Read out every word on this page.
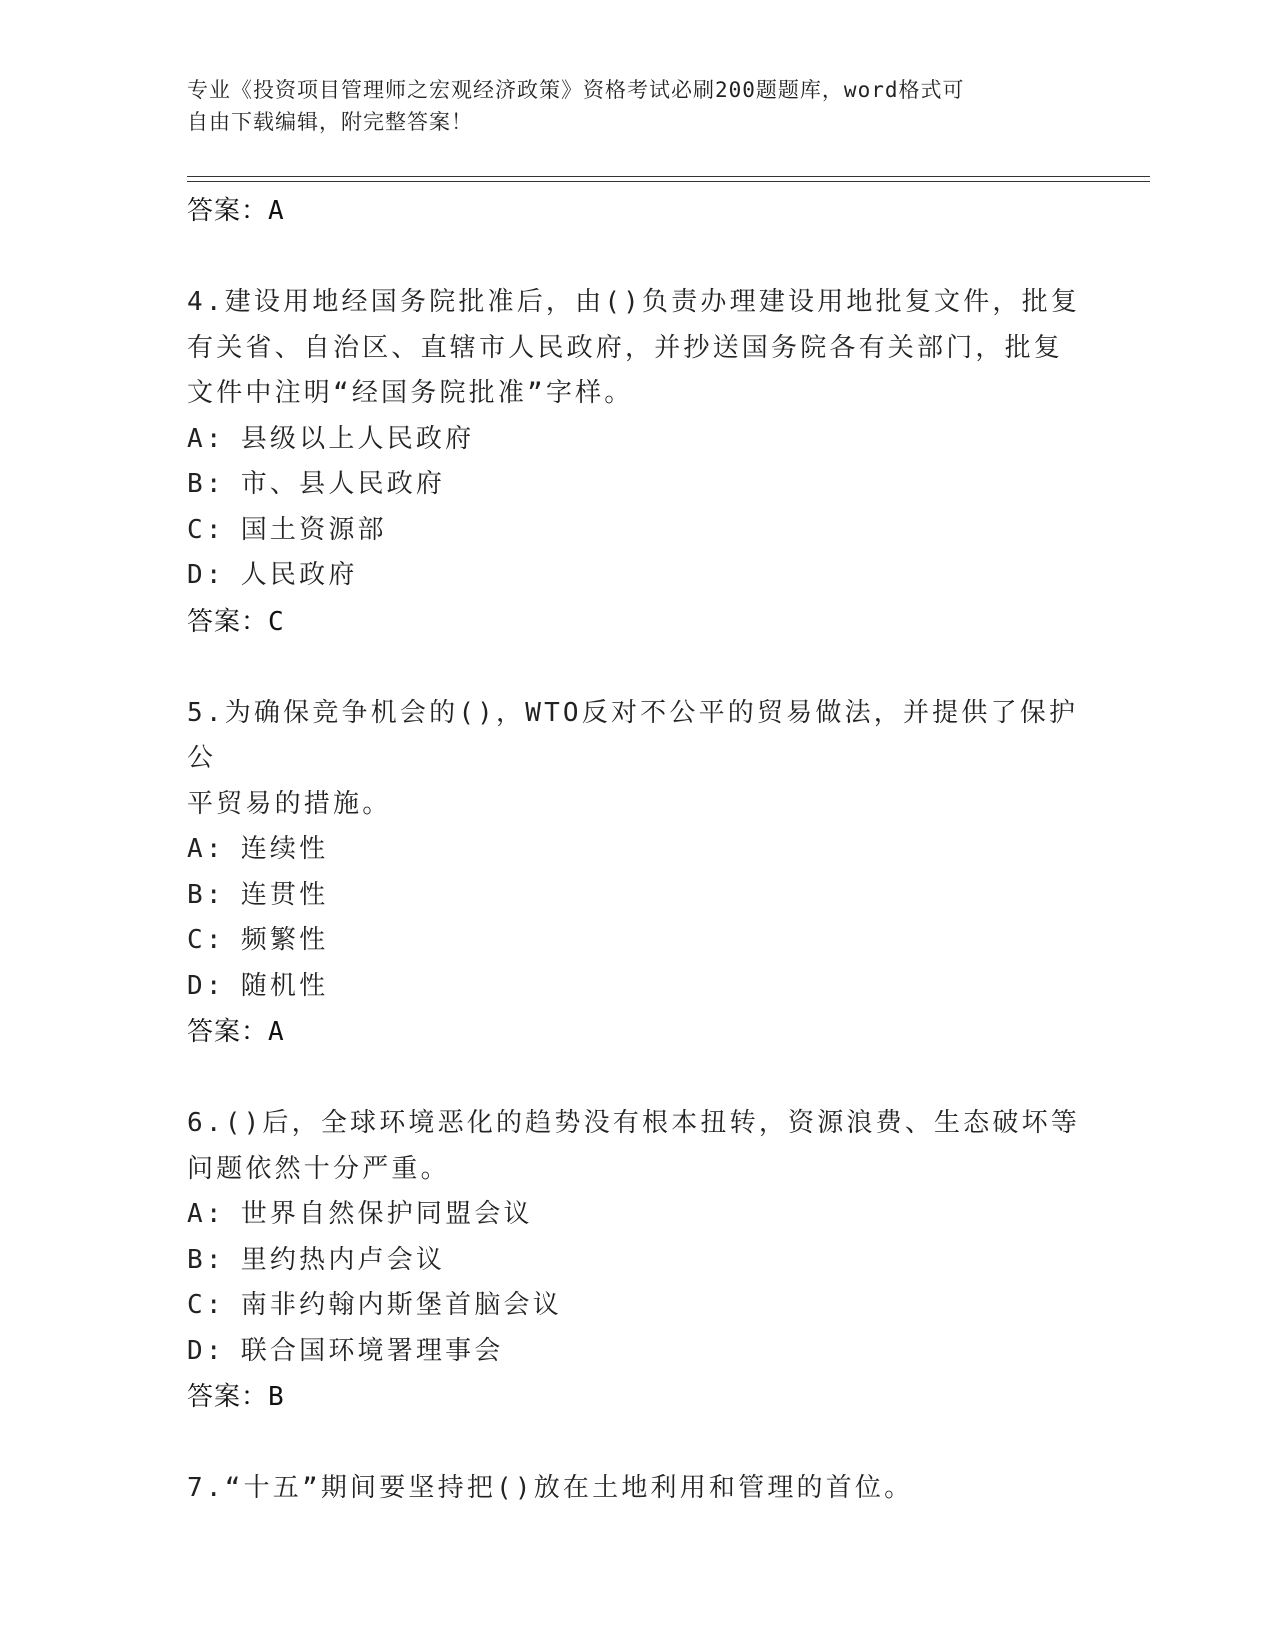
专业《投资项目管理师之宏观经济政策》资格考试必刷200题题库，word格式可
自由下载编辑，附完整答案！
答案：A
4.建设用地经国务院批准后，由()负责办理建设用地批复文件，批复
有关省、自治区、直辖市人民政府，并抄送国务院各有关部门，批复
文件中注明“经国务院批准”字样。
A: 县级以上人民政府
B: 市、县人民政府
C: 国土资源部
D: 人民政府
答案：C
5.为确保竞争机会的()，WTO反对不公平的贸易做法，并提供了保护公
平贸易的措施。
A: 连续性
B: 连贯性
C: 频繁性
D: 随机性
答案：A
6.()后，全球环境恶化的趋势没有根本扭转，资源浪费、生态破坏等
问题依然十分严重。
A: 世界自然保护同盟会议
B: 里约热内卢会议
C: 南非约翰内斯堡首脑会议
D: 联合国环境署理事会
答案：B
7.“十五”期间要坚持把()放在土地利用和管理的首位。
